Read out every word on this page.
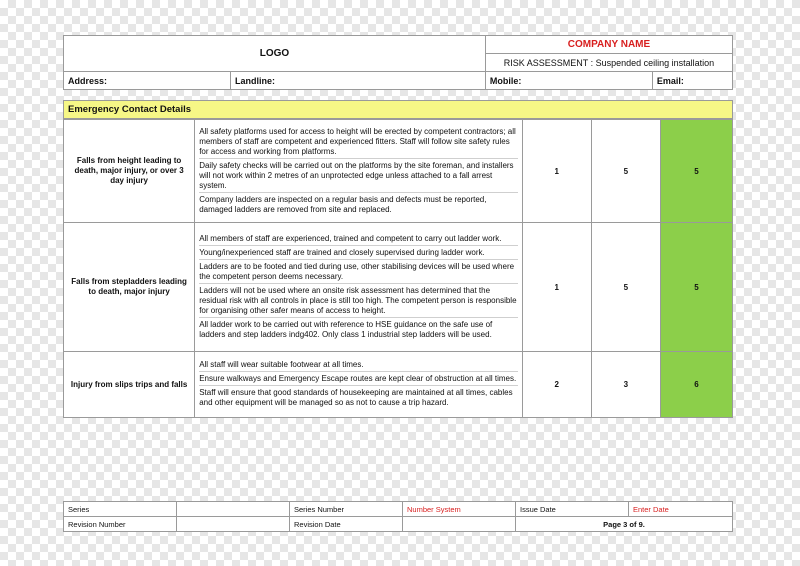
LOGO		COMPANY NAME	
		RISK ASSESSMENT : Suspended ceiling installation	
Address:	Landline:	Mobile:	Email:
Emergency Contact Details
Falls from height leading to death, major injury, or over 3 day injury	All safety platforms used for access to height will be erected by competent contractors; all members of staff are competent and experienced fitters. Staff will follow site safety rules for access and working from platforms.

Daily safety checks will be carried out on the platforms by the site foreman, and installers will not work within 2 metres of an unprotected edge unless attached to a fall arrest system.

Company ladders are inspected on a regular basis and defects must be reported, damaged ladders are removed from site and replaced.	1	5	5
Falls from stepladders leading to death, major injury	All members of staff are experienced, trained and competent to carry out ladder work.

Young/inexperienced staff are trained and closely supervised during ladder work.

Ladders are to be footed and tied during use, other stabilising devices will be used where the competent person deems necessary.

Ladders will not be used where an onsite risk assessment has determined that the residual risk with all controls in place is still too high. The competent person is responsible for organising other safer means of access to height.

All ladder work to be carried out with reference to HSE guidance on the safe use of ladders and step ladders indg402. Only class 1 industrial step ladders will be used.	1	5	5
Injury from slips trips and falls	All staff will wear suitable footwear at all times.

Ensure walkways and Emergency Escape routes are kept clear of obstruction at all times.

Staff will ensure that good standards of housekeeping are maintained at all times, cables and other equipment will be managed so as not to cause a trip hazard.	2	3	6
Series		Series Number	Number System	Issue Date	Enter Date
Revision Number		Revision Date		Page 3 of 9.	
